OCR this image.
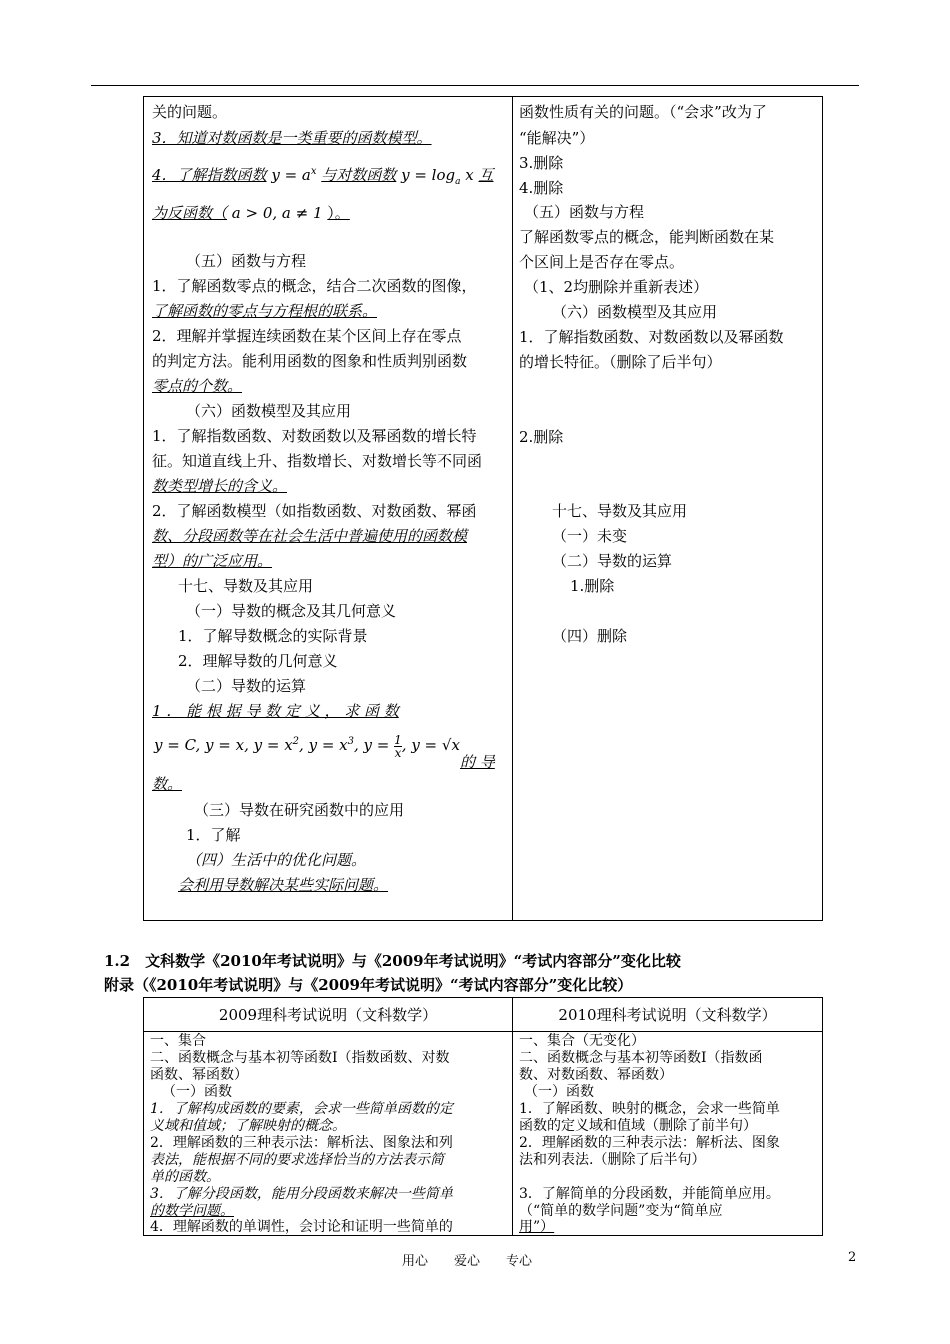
关的问题。
3．知道对数函数是一类重要的函数模型。
4．了解指数函数 $y = a^x$ 与对数函数 $y = \log_a x$ 互
为反函数（ a > 0, a ≠ 1 ）。
（五）函数与方程
1．了解函数零点的概念，结合二次函数的图像，
了解函数的零点与方程根的联系。
2．理解并掌握连续函数在某个区间上存在零点
的判定方法。能利用函数的图象和性质判别函数
零点的个数。
（六）函数模型及其应用
1．了解指数函数、对数函数以及幂函数的增长特
征。知道直线上升、指数增长、对数增长等不同函
数类型增长的含义。
2．了解函数模型（如指数函数、对数函数、幂函
数、分段函数等在社会生活中普遍使用的函数模
型）的广泛应用。
十七、导数及其应用
（一）导数的概念及其几何意义
1．了解导数概念的实际背景
2．理解导数的几何意义
（二）导数的运算
1 ． 能 根 据 导 数 定 义 ， 求 函 数
y = C, y = x, $y = x^2$, $y = x^3$, $y = \frac{1}{x}$ , y = √x
的 导
数。
（三）导数在研究函数中的应用
1．了解
（四）生活中的优化问题。
会利用导数解决某些实际问题。
函数性质有关的问题。（“会求”改为了
“能解决”）
3.删除
4.删除
（五）函数与方程
了解函数零点的概念，能判断函数在某
个区间上是否存在零点。
（1、2均删除并重新表述）
（六）函数模型及其应用
1．了解指数函数、对数函数以及幂函数
的增长特征。（删除了后半句）
2.删除
十七、导数及其应用
（一）未变
（二）导数的运算
1.删除
（四）删除
1.2　文科数学《2010年考试说明》与《2009年考试说明》“考试内容部分”变化比较
附录（《2010年考试说明》与《2009年考试说明》“考试内容部分”变化比较）
2009理科考试说明（文科数学）	2010理科考试说明（文科数学）
一、集合
二、函数概念与基本初等函数Ⅰ（指数函数、对数
函数、幂函数）
（一）函数
1．了解构成函数的要素，会求一些简单函数的定
义域和值域；了解映射的概念。
2．理解函数的三种表示法：解析法、图象法和列
表法，能根据不同的要求选择恰当的方法表示简
单的函数。
3．了解分段函数，能用分段函数来解决一些简单
的数学问题。
4．理解函数的单调性，会讨论和证明一些简单的
一、集合（无变化）
二、函数概念与基本初等函数Ⅰ（指数函
数、对数函数、幂函数）
（一）函数
1．了解函数、映射的概念，会求一些简单
函数的定义域和值域（删除了前半句）
2．理解函数的三种表示法：解析法、图象
法和列表法.（删除了后半句）
3．了解简单的分段函数，并能简单应用。
（“简单的数学问题”变为“简单应
用”）
用心　　爱心　　专心	2
